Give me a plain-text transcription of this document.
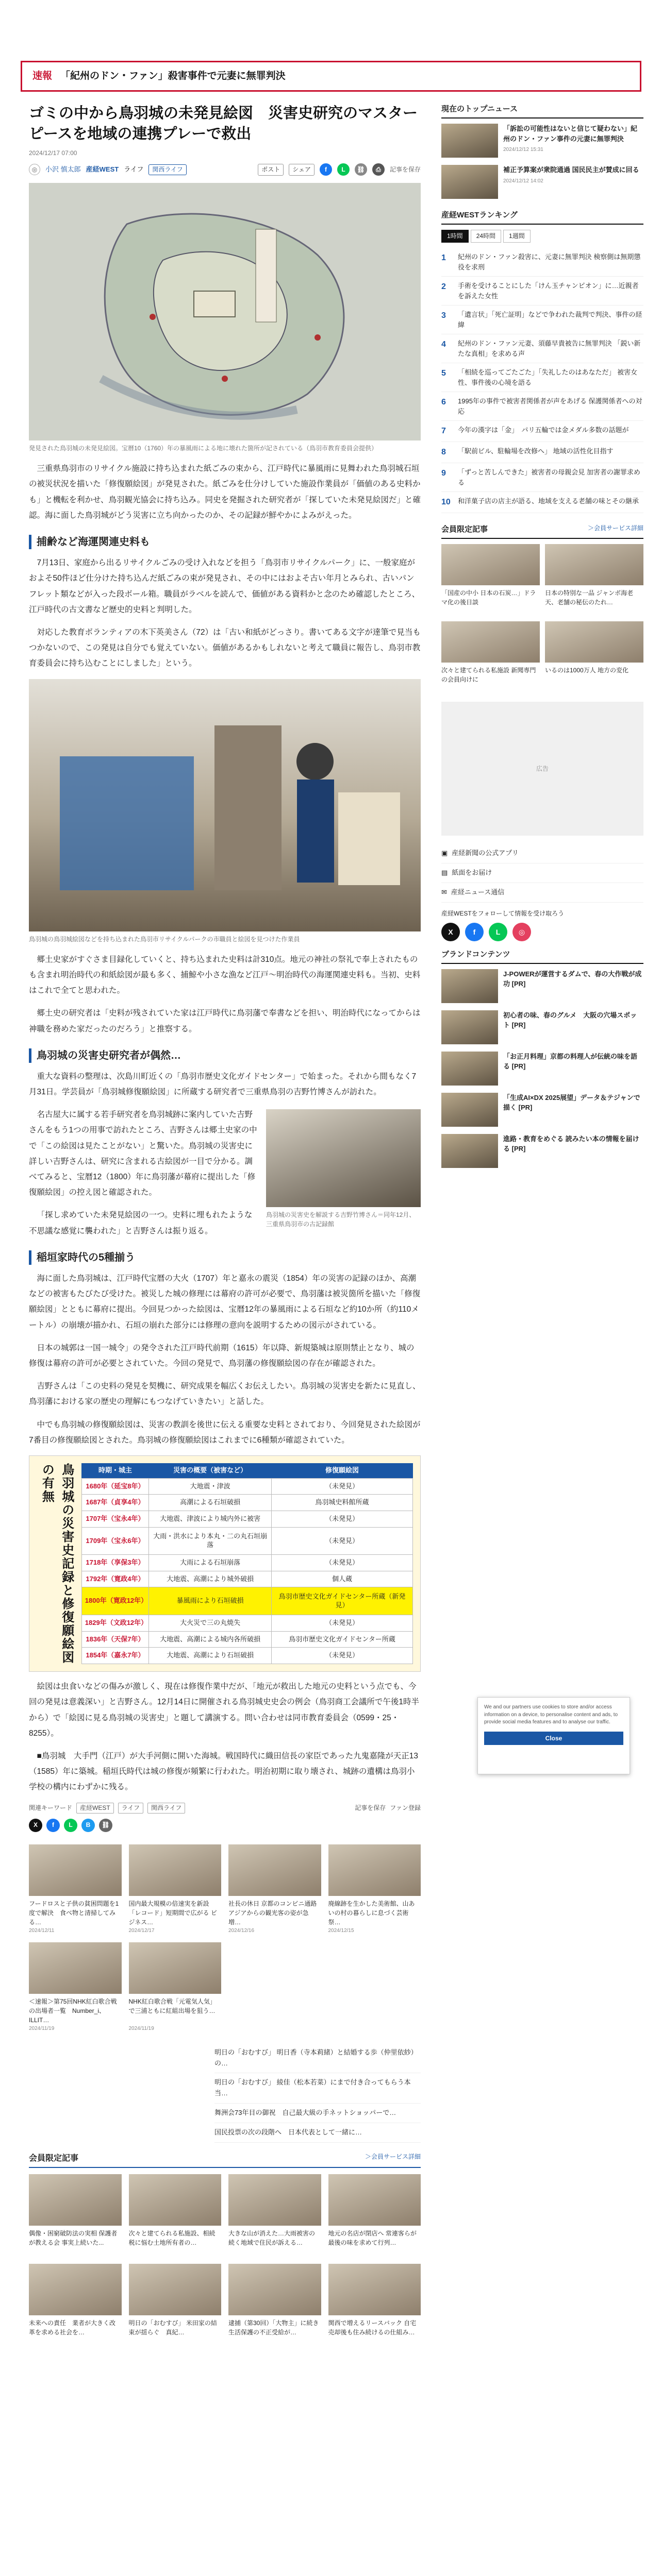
速報 「紀州のドン・ファン」殺害事件で元妻に無罪判決
ゴミの中から鳥羽城の未発見絵図　災害史研究のマスターピースを地域の連携プレーで救出
2024/12/17 07:00
◎	小沢 慎太郎 産経WEST ライフ	関西ライフ	ポスト	シェア	f	L	⛓	⎙	記事を保存
発見された鳥羽城の未発見絵図。宝暦10（1760）年の暴風雨による地に壊れた箇所が記されている（鳥羽市教育委員会提供）

三重県鳥羽市のリサイクル施設に持ち込まれた紙ごみの束から、江戸時代に暴風雨に見舞われた鳥羽城石垣の被災状況を描いた「修復願絵図」が発見された。紙ごみを仕分けしていた施設作業員が「価値のある史料かも」と機転を利かせ、鳥羽観光協会に持ち込み。同史を発掘された研究者が「探していた未発見絵図だ」と確認。海に面した鳥羽城がどう災害に立ち向かったのか、その記録が鮮やかによみがえった。

捕齢など海運関連史料も

7月13日、家庭から出るリサイクルごみの受け入れなどを担う「鳥羽市リサイクルパーク」に、一般家庭がおよそ50件ほど仕分けた持ち込んだ紙ごみの束が発見され、その中にはおよそ古い年月とみられ、古いパンフレット類などが入った段ボール箱。職員がラベルを読んで、価値がある資料かと念のため確認したところ、江戸時代の古文書など歴史的史料と判明した。

対応した教育ボランティアの木下英美さん（72）は「古い和紙がどっさり。書いてある文字が達筆で見当もつかないので、この発見は自分でも覚えていない。価値があるかもしれないと考えて職員に報告し、鳥羽市教育委員会に持ち込むことにしました」という。

鳥羽城の鳥羽城絵図などを持ち込まれた鳥羽市リサイクルパークの市職員と絵図を見つけた作業員

郷土史家がすぐさま目録化していくと、持ち込まれた史料は計310点。地元の神社の祭礼で奉上されたものも含まれ明治時代の和紙絵図が最も多く、捕鯨や小さな漁など江戸～明治時代の海運関連史料も。当初、史料はこれで全てと思われた。

郷土史の研究者は「史料が残されていた家は江戸時代に鳥羽藩で奉書などを担い、明治時代になってからは神職を務めた家だったのだろう」と推察する。

鳥羽城の災害史研究者が偶然…

重大な資料の整理は、次島川町近くの「鳥羽市歴史文化ガイドセンター」で始まった。それから間もなく7月31日。学芸員が「鳥羽城修復願絵図」に所蔵する研究者で三重県鳥羽の吉野竹博さんが訪れた。

鳥羽城の災害史を解説する吉野竹博さん＝同年12月、三重県鳥羽市の古記録館

名古屋大に属する若手研究者を鳥羽城跡に案内していた吉野さんをもう1つの用事で訪れたところ、吉野さんは郷土史家の中で「この絵図は見たことがない」と驚いた。鳥羽城の災害史に詳しい吉野さんは、研究に含まれる古絵図が一目で分かる。調べてみると、宝暦12（1800）年に鳥羽藩が幕府に提出した「修復願絵図」の控え図と確認された。

「探し求めていた未発見絵図の一つ。史料に埋もれたような不思議な感覚に襲われた」と吉野さんは振り返る。

稲垣家時代の5種揃う

海に面した鳥羽城は、江戸時代宝暦の大火（1707）年と嘉永の震災（1854）年の災害の記録のほか、高潮などの被害もたびたび受けた。被災した城の修理には幕府の許可が必要で、鳥羽藩は被災箇所を描いた「修復願絵図」とともに幕府に提出。今回見つかった絵図は、宝暦12年の暴風雨による石垣など約10か所（約110メートル）の崩壊が描かれ、石垣の崩れた部分には修理の意向を説明するための図示がされている。

日本の城郭は一国一城令」の発令された江戸時代前期（1615）年以降、新規築城は原則禁止となり、城の修復は幕府の許可が必要とされていた。今回の発見で、鳥羽藩の修復願絵図の存在が確認された。

吉野さんは「この史料の発見を契機に、研究成果を幅広くお伝えしたい。鳥羽城の災害史を新たに見直し、鳥羽藩における家の歴史の理解にもつなげていきたい」と話した。

中でも鳥羽城の修復願絵図は、災害の教訓を後世に伝える重要な史料とされており、今回発見された絵図が7番目の修復願絵図とされた。鳥羽城の修復願絵図はこれまでに6種類が確認されていた。

鳥羽城の災害史記録と修復願絵図の有無	時期・城主	災害の概要（被害など）	修復願絵図
1680年（延宝8年）	大地震・津波	（未発見）
1687年（貞享4年）	高潮による石垣破損	鳥羽城史料館所蔵
1707年（宝永4年）	大地震、津波により城内外に被害	（未発見）
1709年（宝永6年）	大雨・洪水により本丸・二の丸石垣崩落	（未発見）
1718年（享保3年）	大雨による石垣崩落	（未発見）
1792年（寛政4年）	大地震、高潮により城外破損	個人蔵
1800年（寛政12年）	暴風雨により石垣破損	鳥羽市歴史文化ガイドセンター所蔵（新発見）
1829年（文政12年）	大火災で三の丸焼失	（未発見）
1836年（天保7年）	大地震、高潮による城内各所破損	鳥羽市歴史文化ガイドセンター所蔵
1854年（嘉永7年）	大地震、高潮により石垣破損	（未発見）

絵図は虫食いなどの傷みが激しく、現在は修復作業中だが、「地元が救出した地元の史料という点でも、今回の発見は意義深い」と吉野さん。12月14日に開催される鳥羽城史史会の例会（鳥羽商工会議所で午後1時半から）で「絵図に見る鳥羽城の災害史」と題して講演する。問い合わせは同市教育委員会（0599・25・8255）。

■鳥羽城　大手門（江戸）が大手河側に開いた海城。戦国時代に織田信長の家臣であった九鬼嘉隆が天正13（1585）年に築城。稲垣氏時代は城の修復が頻繁に行われた。明治初期に取り壊され、城跡の遺構は鳥羽小学校の構内にわずかに残る。

関連キーワード	産経WEST	ライフ	関西ライフ	記事を保存 ファン登録
X	f	L	B	⛓
フードロスと子供の貧困問題を1度で解決　食べ物と清掃してみる…
2024/12/11
国内最大規模の倍速実を新設「レコード」短期間で広がる ビジネス…
2024/12/17
社長の休日 京都のコンビニ通路アジアからの観光客の姿が急増…
2024/12/16
廃線跡を生かした美術館、山あいの村の暮らしに息づく芸術祭…
2024/12/15
＜速報＞第75回NHK紅白歌合戦の出場者一覧　Number_i、ILLIT…
2024/11/19
NHK紅白歌合戦「元電気人気」 で三浦ともに紅組出場を狙う…
2024/11/19
明日の「おむすび」 明日香（寺本莉緒）と結婚する歩（仲里依紗）の…
明日の「おむすび」 綾佳（松本若菜）にまで付き合ってもらう本当…
舞洲会73年目の御祝　自己最大級の手ネットショッパーで…
国民投票の次の段階へ　日本代表として一緒に…
会員限定記事	＞会員サービス詳細
偶像・困窮破防法の実相 保護者が教える会 事実上続いた...
次々と建てられる私施設、相続税に悩む土地所有者の…
大きな山が消えた…大雨被害の続く地域で住民が訴える…
地元の名店が閉店へ 常連客らが最後の味を求めて行列…
未来への責任　業者が大きく改革を求める社会を…
明日の「おむすび」 米田家の結束が揺らぐ　真紀…
逮捕（第30回）「大物主」に続き生活保護の不正受給が…
関西で増えるリースバック 自宅売却後も住み続けるの仕組み…
現在のトップニュース
「訴訟の可能性はないと信じて疑わない」紀州のドン・ファン事件の元妻に無罪判決
2024/12/12 15:31
補正予算案が衆院通過 国民民主が賛成に回る
2024/12/12 14:02
産経WESTランキング
1時間	24時間	1週間
1	紀州のドン・ファン殺害に、元妻に無罪判決 検察側は無期懲役を求刑
2	手術を受けることにした「けん玉チャンピオン」に…近親者を訴えた女性
3	「遺言状」「死亡証明」などで争われた裁判で判決、事件の経緯
4	紀州のドン・ファン元妻、須藤早貴被告に無罪判決 「鋭い新たな真相」を求める声
5	「相続を巡ってごたごた」「失礼したのはあなただ」 被害女性、事件後の心境を語る
6	1995年の事件で被害者関係者が声をあげる 保護関係者への対応
7	今年の漢字は「金」　パリ五輪では金メダル多数の話題が
8	「駅前ビル、駐輪場を改修へ」 地域の活性化目指す
9	「ずっと苦しんできた」被害者の母親会見 加害者の謝罪求める
10	和洋菓子店の店主が語る、地域を支える老舗の味とその継承
会員限定記事	＞会員サービス詳細
「国産の中小 日本の石炭…」ドラマ化の後日談
日本の特別な一品 ジャンボ海老天、老舗の秘伝のたれ…
次々と建てられる私施設 新聞専門の会員向けに
いるのは1000万人 地方の変化
広告
▣ 産経新聞の公式アプリ
▤ 紙面をお届け
✉ 産経ニュース通信
産経WESTをフォローして情報を受け取ろう
X	f	L	◎
ブランドコンテンツ
J-POWERが運営するダムで、春の大作戦が成功 [PR]
初心者の味、春のグルメ　大阪の穴場スポット [PR]
「お正月料理」京都の料理人が伝統の味を語る [PR]
「生成AI×DX 2025展望」データ＆テジャンで描く [PR]
進路・教育をめぐる 読みたい本の情報を届ける [PR]
We and our partners use cookies to store and/or access information on a device, to personalise content and ads, to provide social media features and to analyse our traffic.
Close
